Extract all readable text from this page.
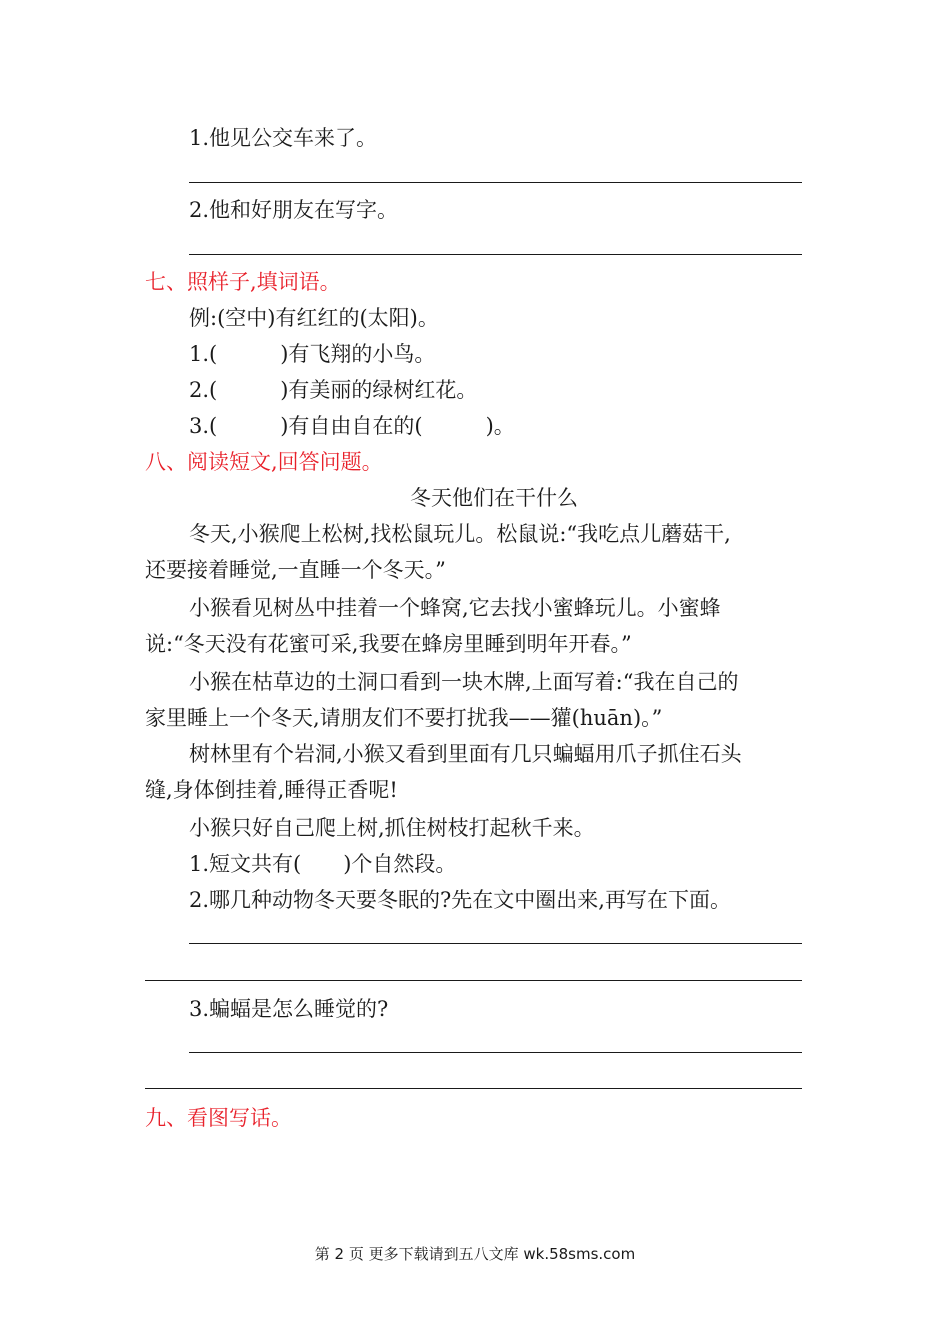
1.他见公交车来了。
2.他和好朋友在写字。
七、照样子,填词语。
例:(空中)有红红的(太阳)。
1.(　　　)有飞翔的小鸟。
2.(　　　)有美丽的绿树红花。
3.(　　　)有自由自在的(　　　)。
八、阅读短文,回答问题。
冬天他们在干什么
冬天,小猴爬上松树,找松鼠玩儿。松鼠说:“我吃点儿蘑菇干,
还要接着睡觉,一直睡一个冬天。”
小猴看见树丛中挂着一个蜂窝,它去找小蜜蜂玩儿。小蜜蜂
说:“冬天没有花蜜可采,我要在蜂房里睡到明年开春。”
小猴在枯草边的土洞口看到一块木牌,上面写着:“我在自己的
家里睡上一个冬天,请朋友们不要打扰我——獾(huān)。”
树林里有个岩洞,小猴又看到里面有几只蝙蝠用爪子抓住石头
缝,身体倒挂着,睡得正香呢!
小猴只好自己爬上树,抓住树枝打起秋千来。
1.短文共有(　　)个自然段。
2.哪几种动物冬天要冬眠的?先在文中圈出来,再写在下面。
3.蝙蝠是怎么睡觉的?
九、看图写话。
第 2 页 更多下载请到五八文库 wk.58sms.com
